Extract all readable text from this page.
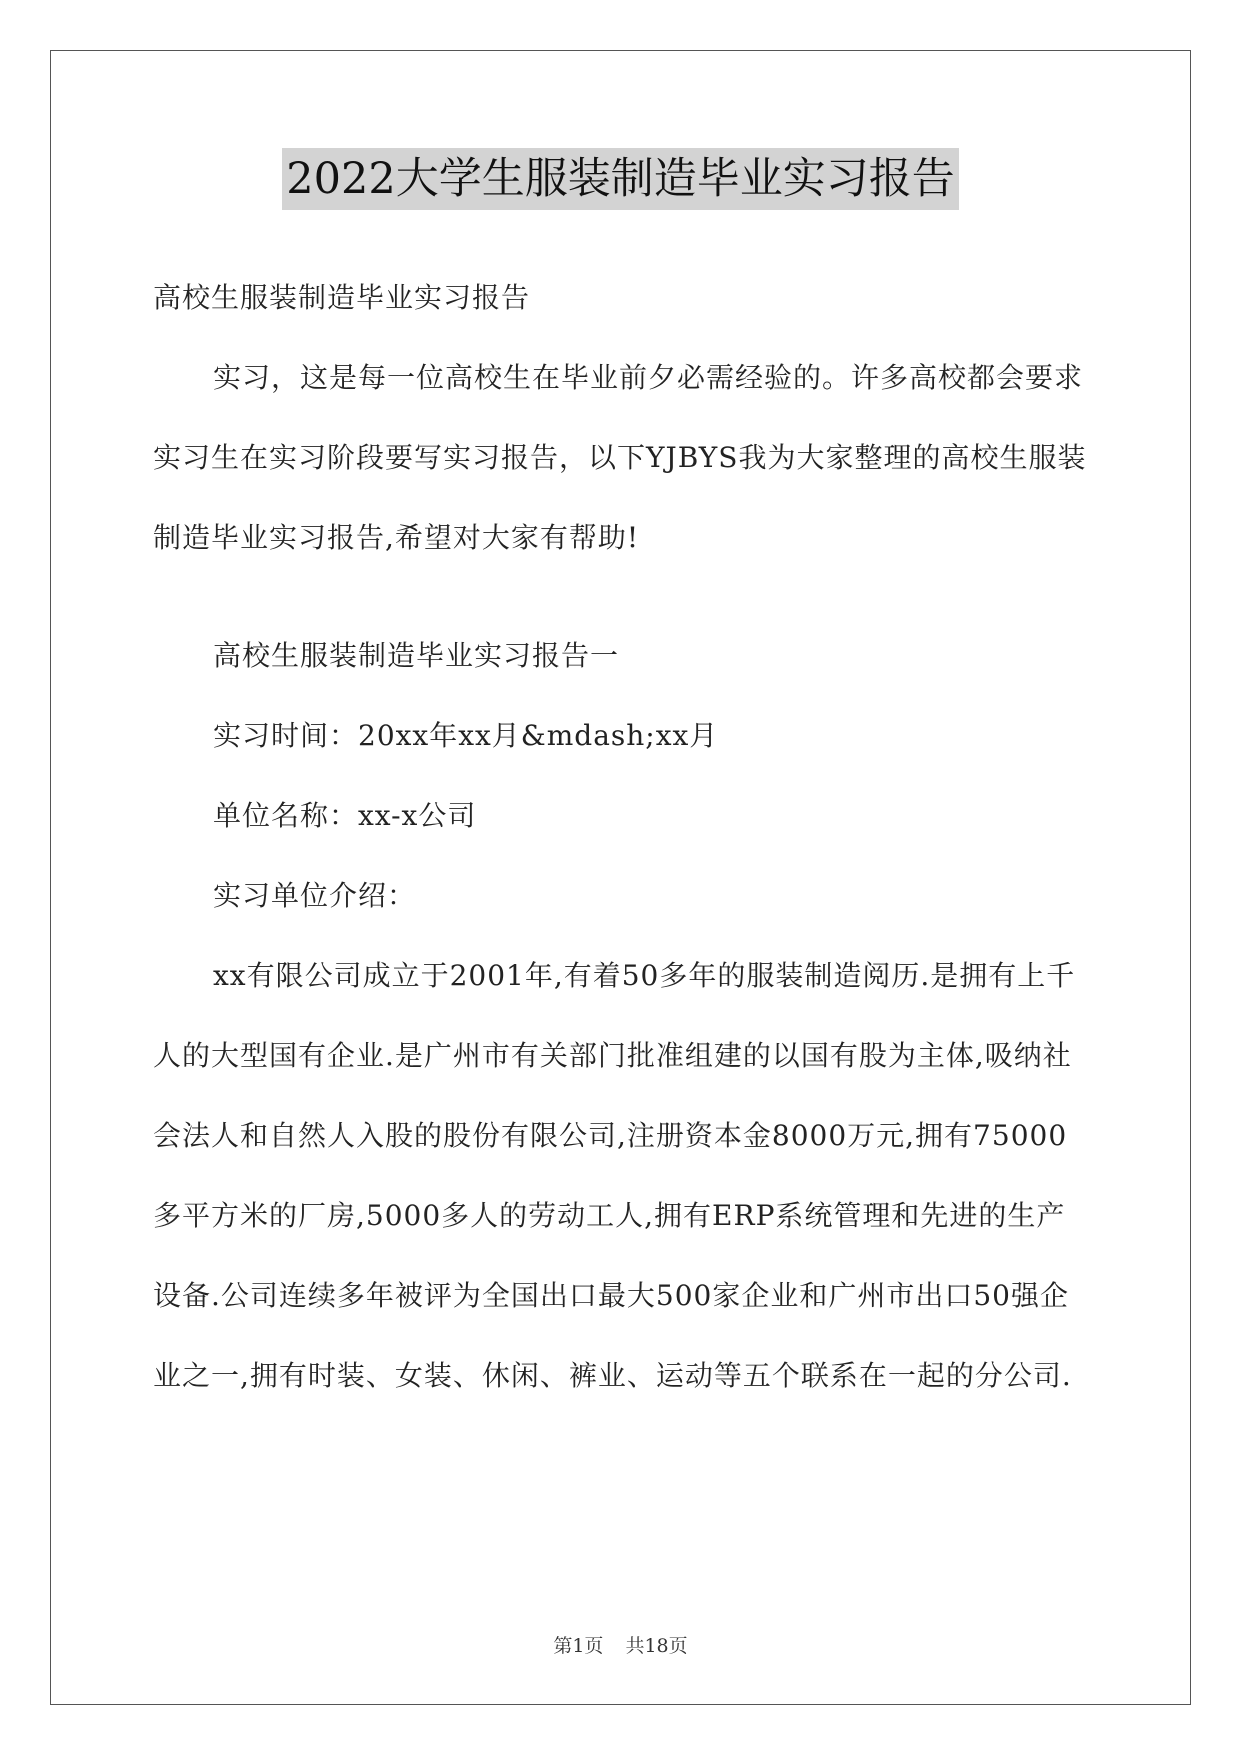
2022大学生服装制造毕业实习报告

高校生服装制造毕业实习报告

实习，这是每一位高校生在毕业前夕必需经验的。许多高校都会要求实习生在实习阶段要写实习报告，以下YJBYS我为大家整理的高校生服装制造毕业实习报告,希望对大家有帮助!

高校生服装制造毕业实习报告一

实习时间：20xx年xx月&mdash;xx月

单位名称：xx-x公司

实习单位介绍：

xx有限公司成立于2001年,有着50多年的服装制造阅历.是拥有上千人的大型国有企业.是广州市有关部门批准组建的以国有股为主体,吸纳社会法人和自然人入股的股份有限公司,注册资本金8000万元,拥有75000多平方米的厂房,5000多人的劳动工人,拥有ERP系统管理和先进的生产设备.公司连续多年被评为全国出口最大500家企业和广州市出口50强企业之一,拥有时装、女装、休闲、裤业、运动等五个联系在一起的分公司.

第1页 共18页
